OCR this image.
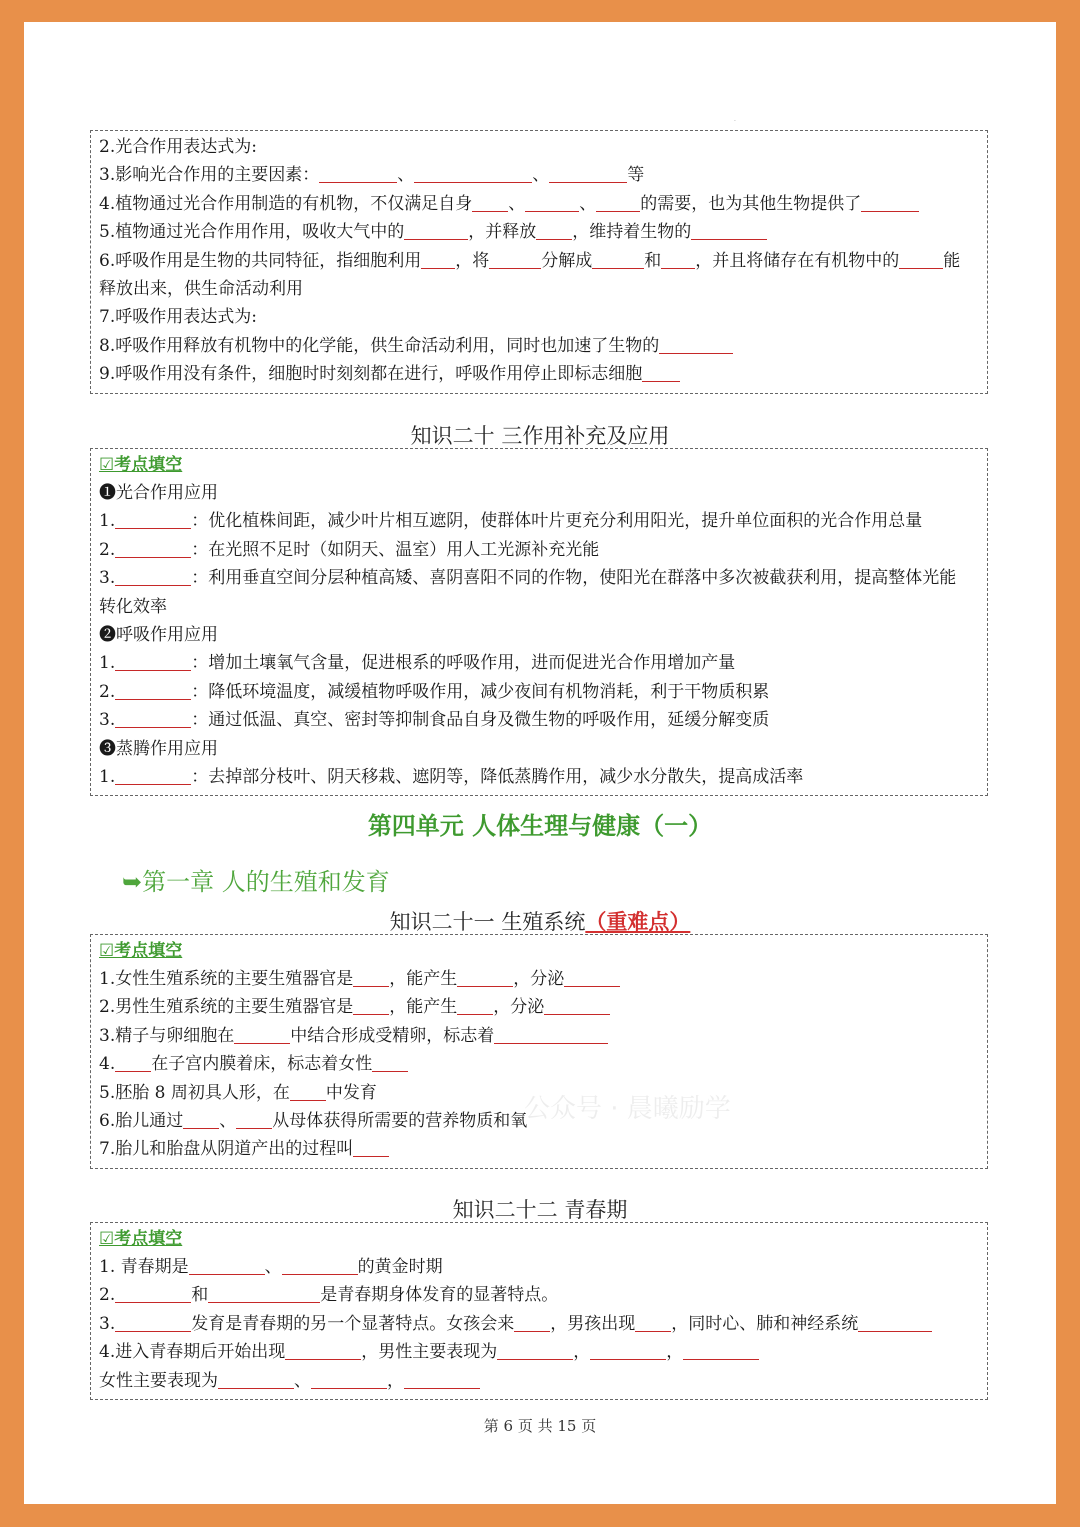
·
2.光合作用表达式为:
3.影响光合作用的主要因素：	、	、	等
4.植物通过光合作用制造的有机物，不仅满足自身 、	、	的需要，也为其他生物提供了
5.植物通过光合作用作用，吸收大气中的	，并释放 ，维持着生物的
6.呼吸作用是生物的共同特征，指细胞利用 ，将	分解成	和 ，并且将储存在有机物中的	能
释放出来，供生命活动利用
7.呼吸作用表达式为:
8.呼吸作用释放有机物中的化学能，供生命活动利用，同时也加速了生物的
9.呼吸作用没有条件，细胞时时刻刻都在进行，呼吸作用停止即标志细胞
知识二十 三作用补充及应用
☑考点填空
❶光合作用应用
1.	：优化植株间距，减少叶片相互遮阴，使群体叶片更充分利用阳光，提升单位面积的光合作用总量
2.	：在光照不足时（如阴天、温室）用人工光源补充光能
3.	：利用垂直空间分层种植高矮、喜阴喜阳不同的作物，使阳光在群落中多次被截获利用，提高整体光能
转化效率
❷呼吸作用应用
1.	：增加土壤氧气含量，促进根系的呼吸作用，进而促进光合作用增加产量
2.	：降低环境温度，减缓植物呼吸作用，减少夜间有机物消耗，利于干物质积累
3.	：通过低温、真空、密封等抑制食品自身及微生物的呼吸作用，延缓分解变质
❸蒸腾作用应用
1.	：去掉部分枝叶、阴天移栽、遮阴等，降低蒸腾作用，减少水分散失，提高成活率
第四单元 人体生理与健康（一）
➥第一章 人的生殖和发育
知识二十一 生殖系统（重难点）
☑考点填空
1.女性生殖系统的主要生殖器官是 ，能产生	，分泌
2.男性生殖系统的主要生殖器官是 ，能产生 ，分泌
3.精子与卵细胞在	中结合形成受精卵，标志着
4. 在子宫内膜着床，标志着女性
5.胚胎 8 周初具人形，在 中发育
6.胎儿通过 、 从母体获得所需要的营养物质和氧
7.胎儿和胎盘从阴道产出的过程叫
公众号 · 晨曦励学
知识二十二 青春期
☑考点填空
1. 青春期是	、	的黄金时期
2.	和	是青春期身体发育的显著特点。
3.	发育是青春期的另一个显著特点。女孩会来 ，男孩出现 ，同时心、肺和神经系统
4.进入青春期后开始出现	，男性主要表现为	，	，
女性主要表现为	、	，
第 6 页 共 15 页
